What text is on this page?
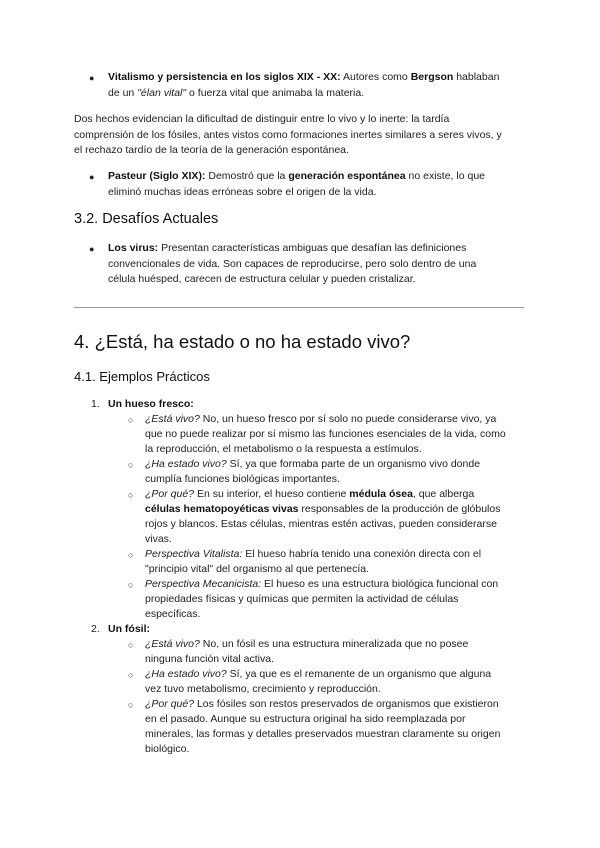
● Vitalismo y persistencia en los siglos XIX - XX: Autores como Bergson hablaban
de un "élan vital" o fuerza vital que animaba la materia.
Dos hechos evidencian la dificultad de distinguir entre lo vivo y lo inerte: la tardía
comprensión de los fósiles, antes vistos como formaciones inertes similares a seres vivos, y
el rechazo tardío de la teoría de la generación espontánea.
● Pasteur (Siglo XIX): Demostró que la generación espontánea no existe, lo que
eliminó muchas ideas erróneas sobre el origen de la vida.
3.2. Desafíos Actuales
● Los virus: Presentan características ambiguas que desafían las definiciones
convencionales de vida. Son capaces de reproducirse, pero solo dentro de una
célula huésped, carecen de estructura celular y pueden cristalizar.
4. ¿Está, ha estado o no ha estado vivo?
4.1. Ejemplos Prácticos
1. Un hueso fresco:
○ ¿Está vivo? No, un hueso fresco por sí solo no puede considerarse vivo, ya
que no puede realizar por sí mismo las funciones esenciales de la vida, como
la reproducción, el metabolismo o la respuesta a estímulos.
○ ¿Ha estado vivo? Sí, ya que formaba parte de un organismo vivo donde
cumplía funciones biológicas importantes.
○ ¿Por qué? En su interior, el hueso contiene médula ósea, que alberga
células hematopoyéticas vivas responsables de la producción de glóbulos
rojos y blancos. Estas células, mientras estén activas, pueden considerarse
vivas.
○ Perspectiva Vitalista: El hueso habría tenido una conexión directa con el
"principio vital" del organismo al que pertenecía.
○ Perspectiva Mecanicista: El hueso es una estructura biológica funcional con
propiedades físicas y químicas que permiten la actividad de células
específicas.
2. Un fósil:
○ ¿Está vivo? No, un fósil es una estructura mineralizada que no posee
ninguna función vital activa.
○ ¿Ha estado vivo? Sí, ya que es el remanente de un organismo que alguna
vez tuvo metabolismo, crecimiento y reproducción.
○ ¿Por qué? Los fósiles son restos preservados de organismos que existieron
en el pasado. Aunque su estructura original ha sido reemplazada por
minerales, las formas y detalles preservados muestran claramente su origen
biológico.
